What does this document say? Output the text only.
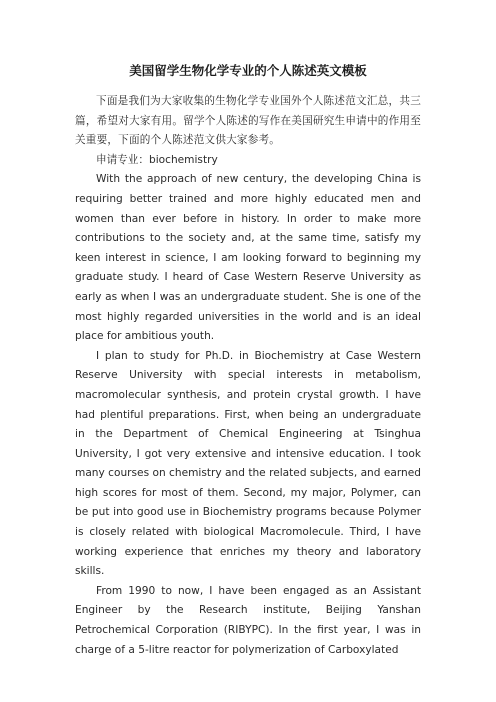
美国留学生物化学专业的个人陈述英文模板

下面是我们为大家收集的生物化学专业国外个人陈述范文汇总，共三篇，希望对大家有用。留学个人陈述的写作在美国研究生申请中的作用至关重要，下面的个人陈述范文供大家参考。

申请专业：biochemistry

With the approach of new century, the developing China is requiring better trained and more highly educated men and women than ever before in history. In order to make more contributions to the society and, at the same time, satisfy my keen interest in science, I am looking forward to beginning my graduate study. I heard of Case Western Reserve University as early as when I was an undergraduate student. She is one of the most highly regarded universities in the world and is an ideal place for ambitious youth.

I plan to study for Ph.D. in Biochemistry at Case Western Reserve University with special interests in metabolism, macromolecular synthesis, and protein crystal growth. I have had plentiful preparations. First, when being an undergraduate in the Department of Chemical Engineering at Tsinghua University, I got very extensive and intensive education. I took many courses on chemistry and the related subjects, and earned high scores for most of them. Second, my major, Polymer, can be put into good use in Biochemistry programs because Polymer is closely related with biological Macromolecule. Third, I have working experience that enriches my theory and laboratory skills.

From 1990 to now, I have been engaged as an Assistant Engineer by the Research institute, Beijing Yanshan Petrochemical Corporation (RIBYPC). In the first year, I was in charge of a 5-litre reactor for polymerization of Carboxylated
